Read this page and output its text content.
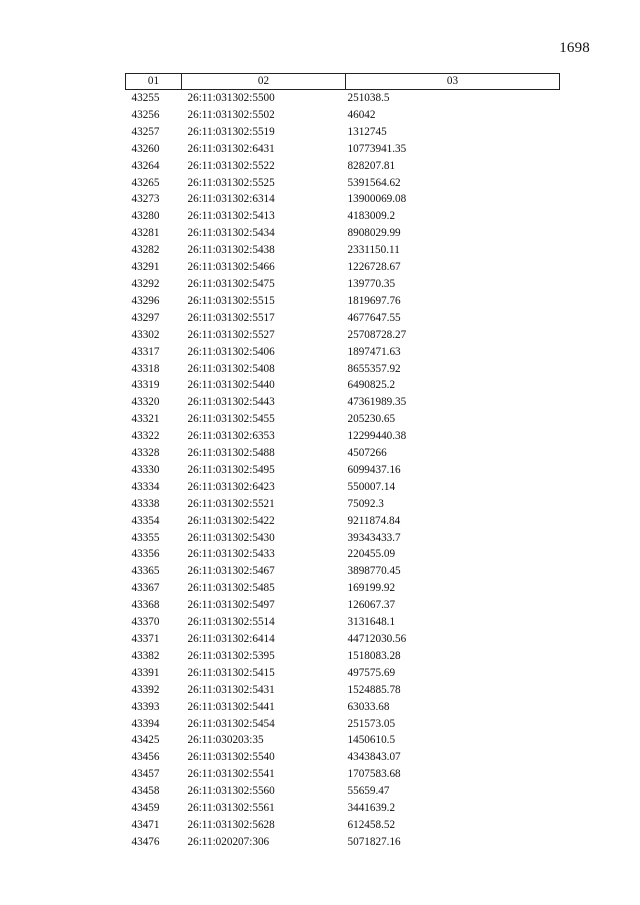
1698
01	02	03
43255	26:11:031302:5500	251038.5
43256	26:11:031302:5502	46042
43257	26:11:031302:5519	1312745
43260	26:11:031302:6431	10773941.35
43264	26:11:031302:5522	828207.81
43265	26:11:031302:5525	5391564.62
43273	26:11:031302:6314	13900069.08
43280	26:11:031302:5413	4183009.2
43281	26:11:031302:5434	8908029.99
43282	26:11:031302:5438	2331150.11
43291	26:11:031302:5466	1226728.67
43292	26:11:031302:5475	139770.35
43296	26:11:031302:5515	1819697.76
43297	26:11:031302:5517	4677647.55
43302	26:11:031302:5527	25708728.27
43317	26:11:031302:5406	1897471.63
43318	26:11:031302:5408	8655357.92
43319	26:11:031302:5440	6490825.2
43320	26:11:031302:5443	47361989.35
43321	26:11:031302:5455	205230.65
43322	26:11:031302:6353	12299440.38
43328	26:11:031302:5488	4507266
43330	26:11:031302:5495	6099437.16
43334	26:11:031302:6423	550007.14
43338	26:11:031302:5521	75092.3
43354	26:11:031302:5422	9211874.84
43355	26:11:031302:5430	39343433.7
43356	26:11:031302:5433	220455.09
43365	26:11:031302:5467	3898770.45
43367	26:11:031302:5485	169199.92
43368	26:11:031302:5497	126067.37
43370	26:11:031302:5514	3131648.1
43371	26:11:031302:6414	44712030.56
43382	26:11:031302:5395	1518083.28
43391	26:11:031302:5415	497575.69
43392	26:11:031302:5431	1524885.78
43393	26:11:031302:5441	63033.68
43394	26:11:031302:5454	251573.05
43425	26:11:030203:35	1450610.5
43456	26:11:031302:5540	4343843.07
43457	26:11:031302:5541	1707583.68
43458	26:11:031302:5560	55659.47
43459	26:11:031302:5561	3441639.2
43471	26:11:031302:5628	612458.52
43476	26:11:020207:306	5071827.16
